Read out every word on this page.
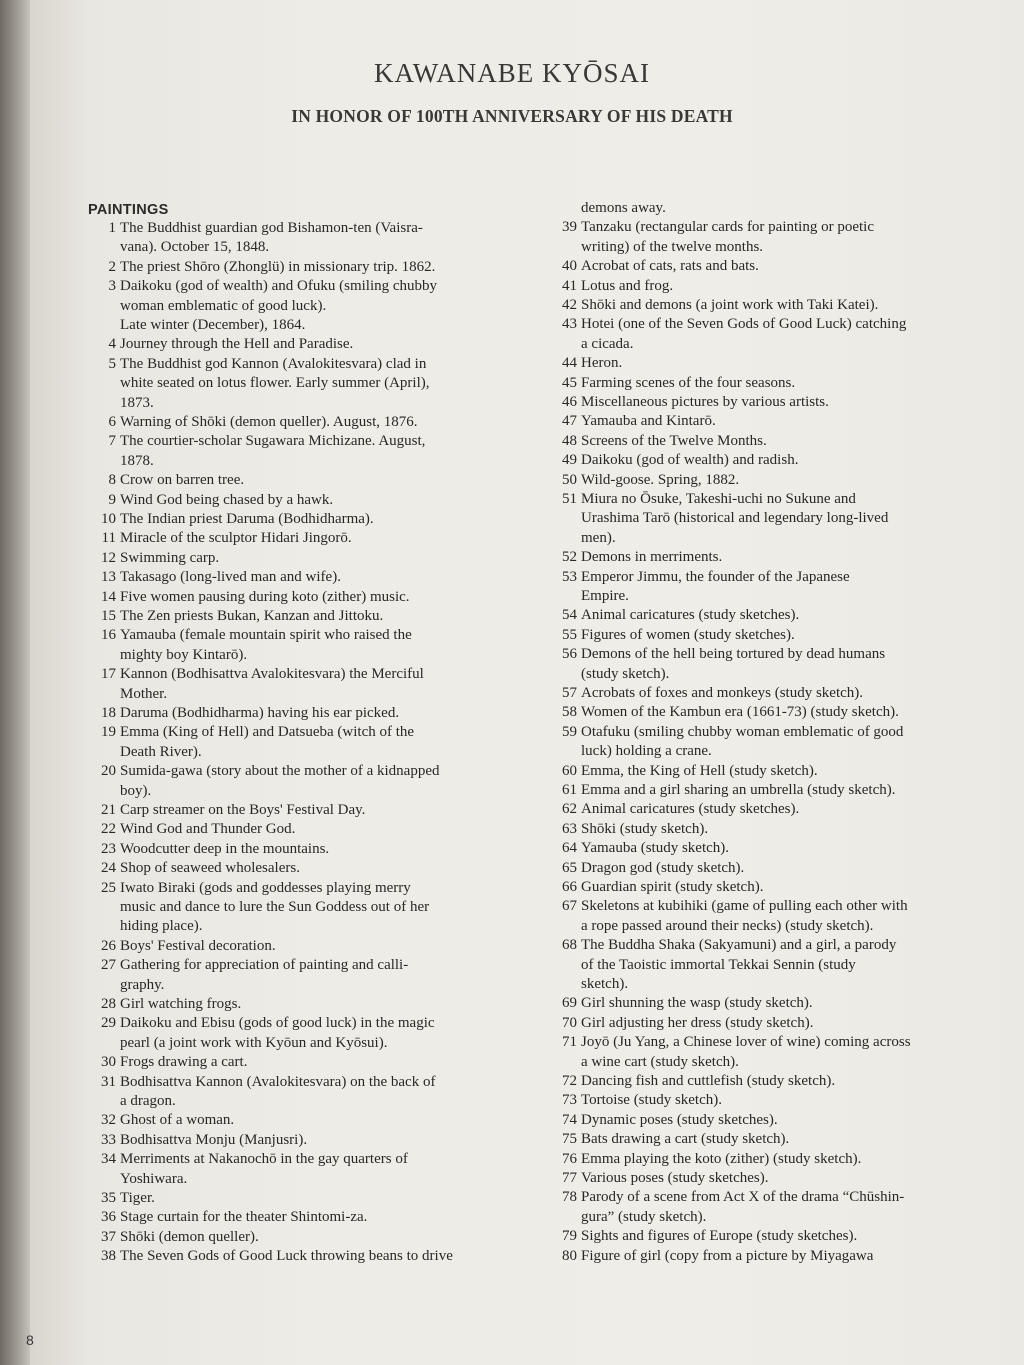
KAWANABE KYŌSAI
IN HONOR OF 100TH ANNIVERSARY OF HIS DEATH
PAINTINGS
1 The Buddhist guardian god Bishamon-ten (Vaisra-
vana). October 15, 1848.
2 The priest Shōro (Zhonglü) in missionary trip. 1862.
3 Daikoku (god of wealth) and Ofuku (smiling chubby
woman emblematic of good luck).
Late winter (December), 1864.
4 Journey through the Hell and Paradise.
5 The Buddhist god Kannon (Avalokitesvara) clad in
white seated on lotus flower. Early summer (April),
1873.
6 Warning of Shōki (demon queller). August, 1876.
7 The courtier-scholar Sugawara Michizane. August,
1878.
8 Crow on barren tree.
9 Wind God being chased by a hawk.
10 The Indian priest Daruma (Bodhidharma).
11 Miracle of the sculptor Hidari Jingorō.
12 Swimming carp.
13 Takasago (long-lived man and wife).
14 Five women pausing during koto (zither) music.
15 The Zen priests Bukan, Kanzan and Jittoku.
16 Yamauba (female mountain spirit who raised the
mighty boy Kintarō).
17 Kannon (Bodhisattva Avalokitesvara) the Merciful
Mother.
18 Daruma (Bodhidharma) having his ear picked.
19 Emma (King of Hell) and Datsueba (witch of the
Death River).
20 Sumida-gawa (story about the mother of a kidnapped
boy).
21 Carp streamer on the Boys' Festival Day.
22 Wind God and Thunder God.
23 Woodcutter deep in the mountains.
24 Shop of seaweed wholesalers.
25 Iwato Biraki (gods and goddesses playing merry
music and dance to lure the Sun Goddess out of her
hiding place).
26 Boys' Festival decoration.
27 Gathering for appreciation of painting and calli-
graphy.
28 Girl watching frogs.
29 Daikoku and Ebisu (gods of good luck) in the magic
pearl (a joint work with Kyōun and Kyōsui).
30 Frogs drawing a cart.
31 Bodhisattva Kannon (Avalokitesvara) on the back of
a dragon.
32 Ghost of a woman.
33 Bodhisattva Monju (Manjusri).
34 Merriments at Nakanochō in the gay quarters of
Yoshiwara.
35 Tiger.
36 Stage curtain for the theater Shintomi-za.
37 Shōki (demon queller).
38 The Seven Gods of Good Luck throwing beans to drive
demons away.
39 Tanzaku (rectangular cards for painting or poetic
writing) of the twelve months.
40 Acrobat of cats, rats and bats.
41 Lotus and frog.
42 Shōki and demons (a joint work with Taki Katei).
43 Hotei (one of the Seven Gods of Good Luck) catching
a cicada.
44 Heron.
45 Farming scenes of the four seasons.
46 Miscellaneous pictures by various artists.
47 Yamauba and Kintarō.
48 Screens of the Twelve Months.
49 Daikoku (god of wealth) and radish.
50 Wild-goose. Spring, 1882.
51 Miura no Ōsuke, Takeshi-uchi no Sukune and
Urashima Tarō (historical and legendary long-lived
men).
52 Demons in merriments.
53 Emperor Jimmu, the founder of the Japanese
Empire.
54 Animal caricatures (study sketches).
55 Figures of women (study sketches).
56 Demons of the hell being tortured by dead humans
(study sketch).
57 Acrobats of foxes and monkeys (study sketch).
58 Women of the Kambun era (1661-73) (study sketch).
59 Otafuku (smiling chubby woman emblematic of good
luck) holding a crane.
60 Emma, the King of Hell (study sketch).
61 Emma and a girl sharing an umbrella (study sketch).
62 Animal caricatures (study sketches).
63 Shōki (study sketch).
64 Yamauba (study sketch).
65 Dragon god (study sketch).
66 Guardian spirit (study sketch).
67 Skeletons at kubihiki (game of pulling each other with
a rope passed around their necks) (study sketch).
68 The Buddha Shaka (Sakyamuni) and a girl, a parody
of the Taoistic immortal Tekkai Sennin (study
sketch).
69 Girl shunning the wasp (study sketch).
70 Girl adjusting her dress (study sketch).
71 Joyō (Ju Yang, a Chinese lover of wine) coming across
a wine cart (study sketch).
72 Dancing fish and cuttlefish (study sketch).
73 Tortoise (study sketch).
74 Dynamic poses (study sketches).
75 Bats drawing a cart (study sketch).
76 Emma playing the koto (zither) (study sketch).
77 Various poses (study sketches).
78 Parody of a scene from Act X of the drama “Chūshin-
gura” (study sketch).
79 Sights and figures of Europe (study sketches).
80 Figure of girl (copy from a picture by Miyagawa
8
